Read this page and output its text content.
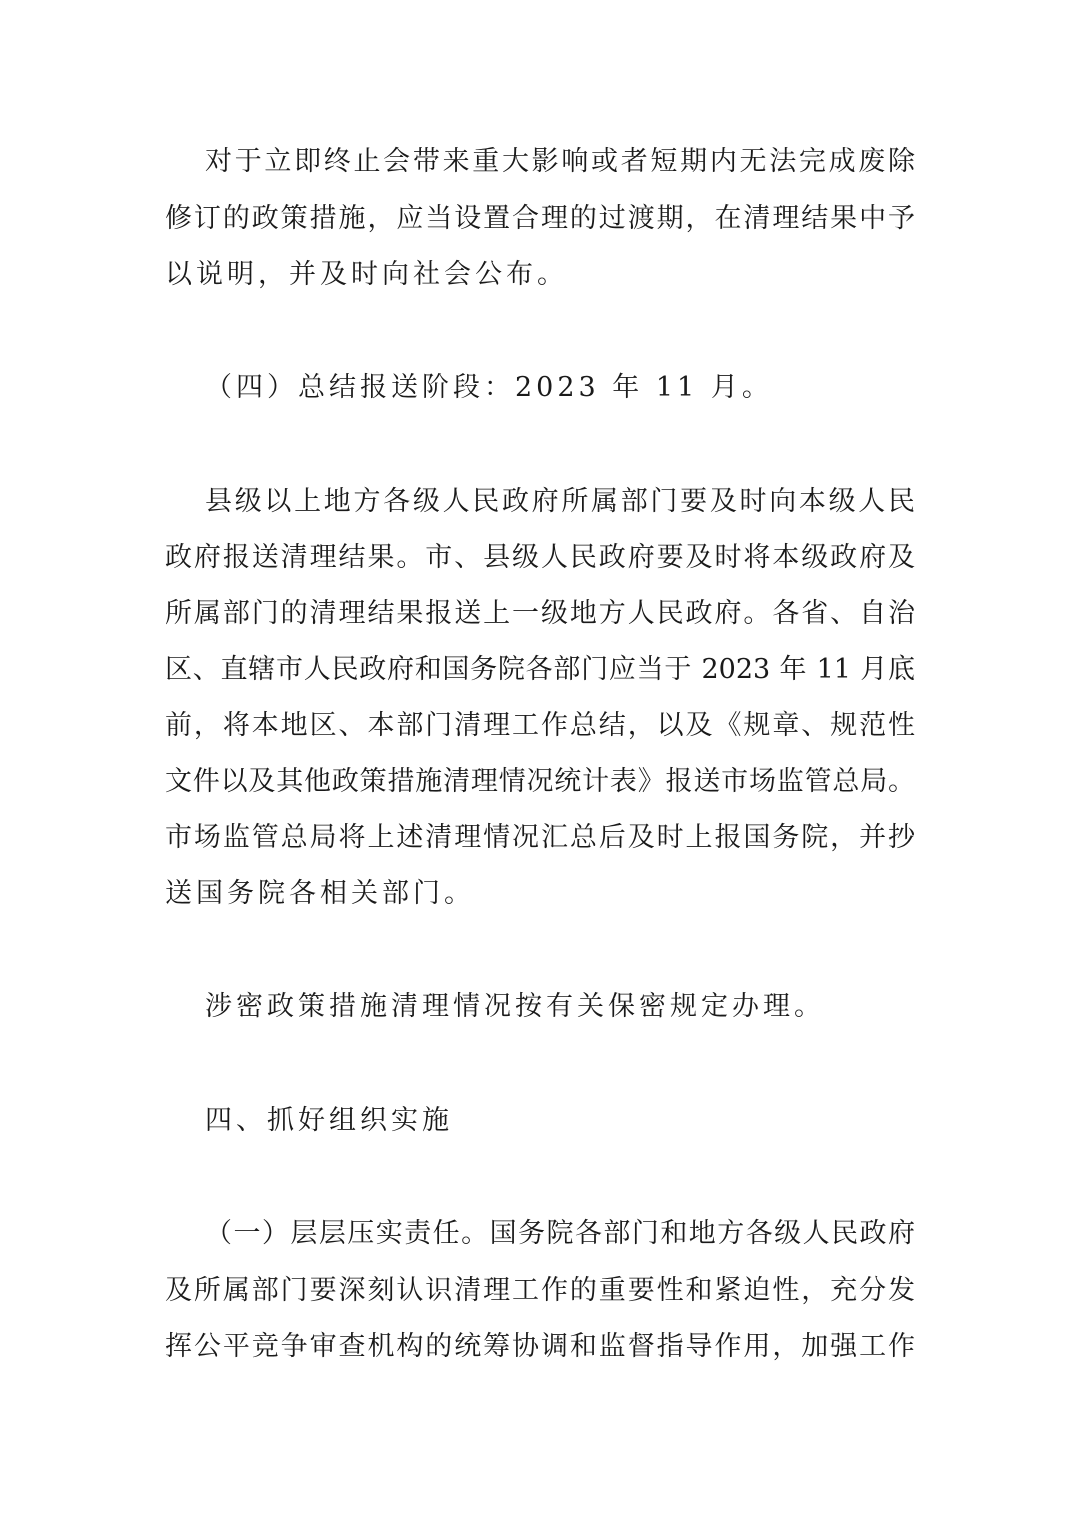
对于立即终止会带来重大影响或者短期内无法完成废除
修订的政策措施，应当设置合理的过渡期，在清理结果中予
以说明，并及时向社会公布。
（四）总结报送阶段：2023 年 11 月。
县级以上地方各级人民政府所属部门要及时向本级人民
政府报送清理结果。市、县级人民政府要及时将本级政府及
所属部门的清理结果报送上一级地方人民政府。各省、自治
区、直辖市人民政府和国务院各部门应当于 2023 年 11 月底
前，将本地区、本部门清理工作总结，以及《规章、规范性
文件以及其他政策措施清理情况统计表》报送市场监管总局。
市场监管总局将上述清理情况汇总后及时上报国务院，并抄
送国务院各相关部门。
涉密政策措施清理情况按有关保密规定办理。
四、抓好组织实施
（一）层层压实责任。国务院各部门和地方各级人民政府
及所属部门要深刻认识清理工作的重要性和紧迫性，充分发
挥公平竞争审查机构的统筹协调和监督指导作用，加强工作
